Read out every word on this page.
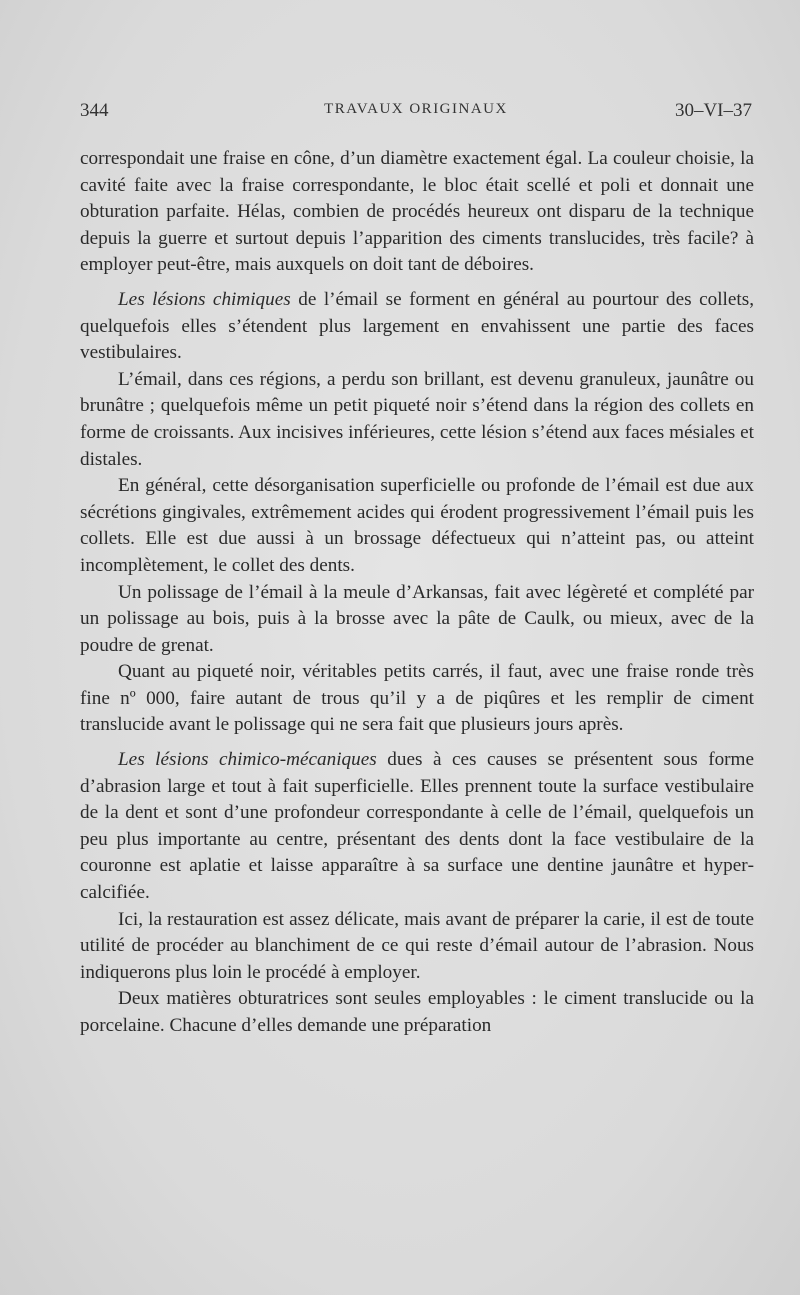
344	TRAVAUX ORIGINAUX	30–VI–37

correspondait une fraise en cône, d’un diamètre exactement égal. La couleur choisie, la cavité faite avec la fraise correspondante, le bloc était scellé et poli et donnait une obturation parfaite. Hélas, combien de procédés heureux ont disparu de la technique depuis la guerre et surtout depuis l’apparition des ciments translucides, très facile? à employer peut-être, mais auxquels on doit tant de déboires.

Les lésions chimiques de l’émail se forment en général au pourtour des collets, quelquefois elles s’étendent plus largement en envahissent une partie des faces vestibulaires.

L’émail, dans ces régions, a perdu son brillant, est devenu granuleux, jaunâtre ou brunâtre ; quelquefois même un petit piqueté noir s’étend dans la région des collets en forme de croissants. Aux incisives inférieures, cette lésion s’étend aux faces mésiales et distales.

En général, cette désorganisation superficielle ou profonde de l’émail est due aux sécrétions gingivales, extrêmement acides qui érodent progressivement l’émail puis les collets. Elle est due aussi à un brossage défectueux qui n’atteint pas, ou atteint incomplètement, le collet des dents.

Un polissage de l’émail à la meule d’Arkansas, fait avec légèreté et complété par un polissage au bois, puis à la brosse avec la pâte de Caulk, ou mieux, avec de la poudre de grenat.

Quant au piqueté noir, véritables petits carrés, il faut, avec une fraise ronde très fine nº 000, faire autant de trous qu’il y a de piqûres et les remplir de ciment translucide avant le polissage qui ne sera fait que plusieurs jours après.

Les lésions chimico-mécaniques dues à ces causes se présentent sous forme d’abrasion large et tout à fait superficielle. Elles prennent toute la surface vestibulaire de la dent et sont d’une profondeur correspondante à celle de l’émail, quelquefois un peu plus importante au centre, présentant des dents dont la face vestibulaire de la couronne est aplatie et laisse apparaître à sa surface une dentine jaunâtre et hypercalcifiée.

Ici, la restauration est assez délicate, mais avant de préparer la carie, il est de toute utilité de procéder au blanchiment de ce qui reste d’émail autour de l’abrasion. Nous indiquerons plus loin le procédé à employer.

Deux matières obturatrices sont seules employables : le ciment translucide ou la porcelaine. Chacune d’elles demande une préparation
